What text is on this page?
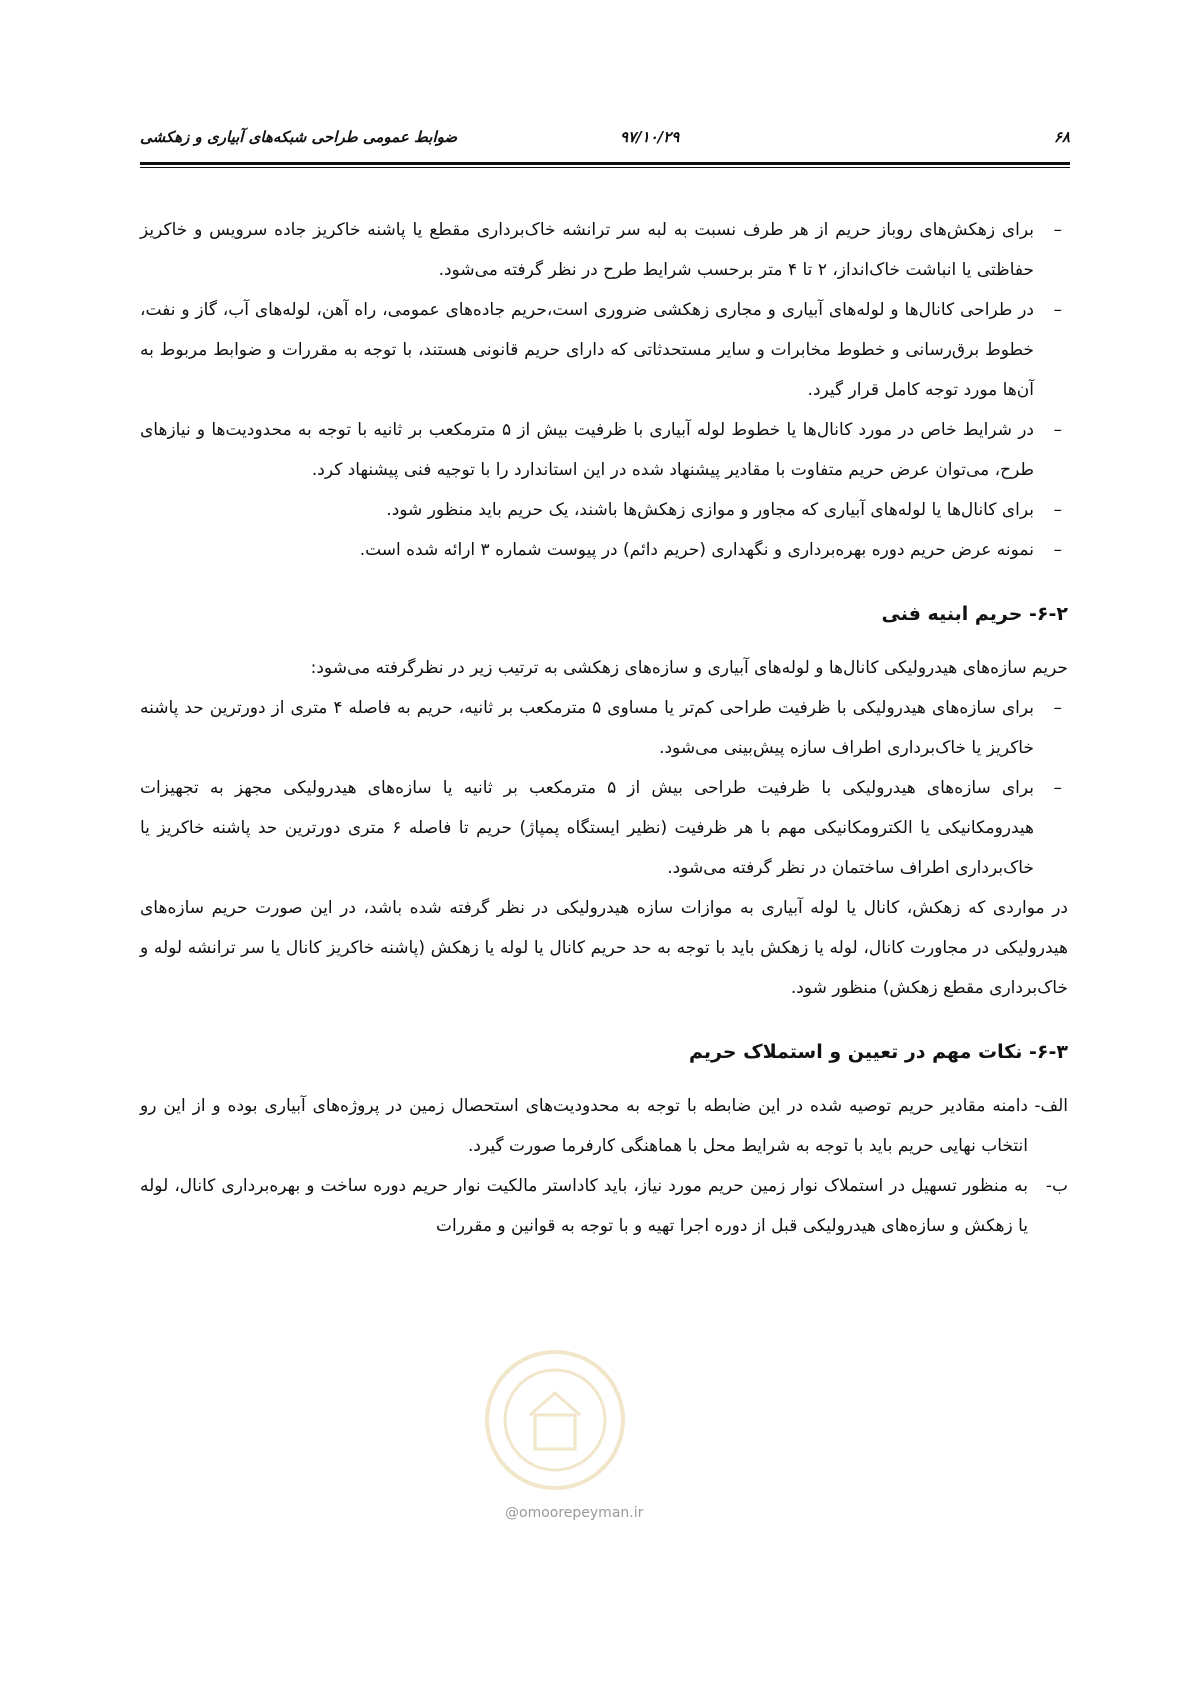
۶۸
۹۷/۱۰/۲۹
ضوابط عمومی طراحی شبکه‌های آبیاری و زهکشی
–
برای زهکش‌های روباز حریم از هر طرف نسبت به لبه سر ترانشه خاک‌برداری مقطع یا پاشنه خاکریز جاده سرویس و خاکریز حفاظتی یا انباشت خاک‌انداز، ۲ تا ۴ متر برحسب شرایط طرح در نظر گرفته می‌شود.
–
در طراحی کانال‌ها و لوله‌های آبیاری و مجاری زهکشی ضروری است،حریم جاده‌های عمومی، راه آهن، لوله‌های آب، گاز و نفت، خطوط برق‌رسانی و خطوط مخابرات و سایر مستحدثاتی که دارای حریم قانونی هستند، با توجه به مقررات و ضوابط مربوط به آن‌ها مورد توجه کامل قرار گیرد.
–
در شرایط خاص در مورد کانال‌ها یا خطوط لوله آبیاری با ظرفیت بیش از ۵ مترمکعب بر ثانیه با توجه به محدودیت‌ها و نیازهای طرح، می‌توان عرض حریم متفاوت با مقادیر پیشنهاد شده در این استاندارد را با توجیه فنی پیشنهاد کرد.
–
برای کانال‌ها یا لوله‌های آبیاری که مجاور و موازی زهکش‌ها باشند، یک حریم باید منظور شود.
–
نمونه عرض حریم دوره بهره‌برداری و نگهداری (حریم دائم) در پیوست شماره ۳ ارائه شده است.
۶-۲- حریم ابنیه فنی

حریم سازه‌های هیدرولیکی کانال‌ها و لوله‌های آبیاری و سازه‌های زهکشی به ترتیب زیر در نظرگرفته می‌شود:

–
برای سازه‌های هیدرولیکی با ظرفیت طراحی کم‌تر یا مساوی ۵ مترمکعب بر ثانیه، حریم به فاصله ۴ متری از دورترین حد پاشنه خاکریز یا خاک‌برداری اطراف سازه پیش‌بینی می‌شود.
–
برای سازه‌های هیدرولیکی با ظرفیت طراحی بیش از ۵ مترمکعب بر ثانیه یا سازه‌های هیدرولیکی مجهز به تجهیزات هیدرومکانیکی یا الکترومکانیکی مهم با هر ظرفیت (نظیر ایستگاه پمپاژ) حریم تا فاصله ۶ متری دورترین حد پاشنه خاکریز یا خاک‌برداری اطراف ساختمان در نظر گرفته می‌شود.

در مواردی که زهکش، کانال یا لوله آبیاری به موازات سازه هیدرولیکی در نظر گرفته شده باشد، در این صورت حریم سازه‌های هیدرولیکی در مجاورت کانال، لوله یا زهکش باید با توجه به حد حریم کانال یا لوله یا زهکش (پاشنه خاکریز کانال یا سر ترانشه لوله و خاک‌برداری مقطع زهکش) منظور شود.

۶-۳- نکات مهم در تعیین و استملاک حریم
الف-
دامنه مقادیر حریم توصیه شده در این ضابطه با توجه به محدودیت‌های استحصال زمین در پروژه‌های آبیاری بوده و از این رو انتخاب نهایی حریم باید با توجه به شرایط محل با هماهنگی کارفرما صورت گیرد.
ب-
به منظور تسهیل در استملاک نوار زمین حریم مورد نیاز، باید کاداستر مالکیت نوار حریم دوره ساخت و بهره‌برداری کانال، لوله یا زهکش و سازه‌های هیدرولیکی قبل از دوره اجرا تهیه و با توجه به قوانین و مقررات
@omoorepeyman.ir
